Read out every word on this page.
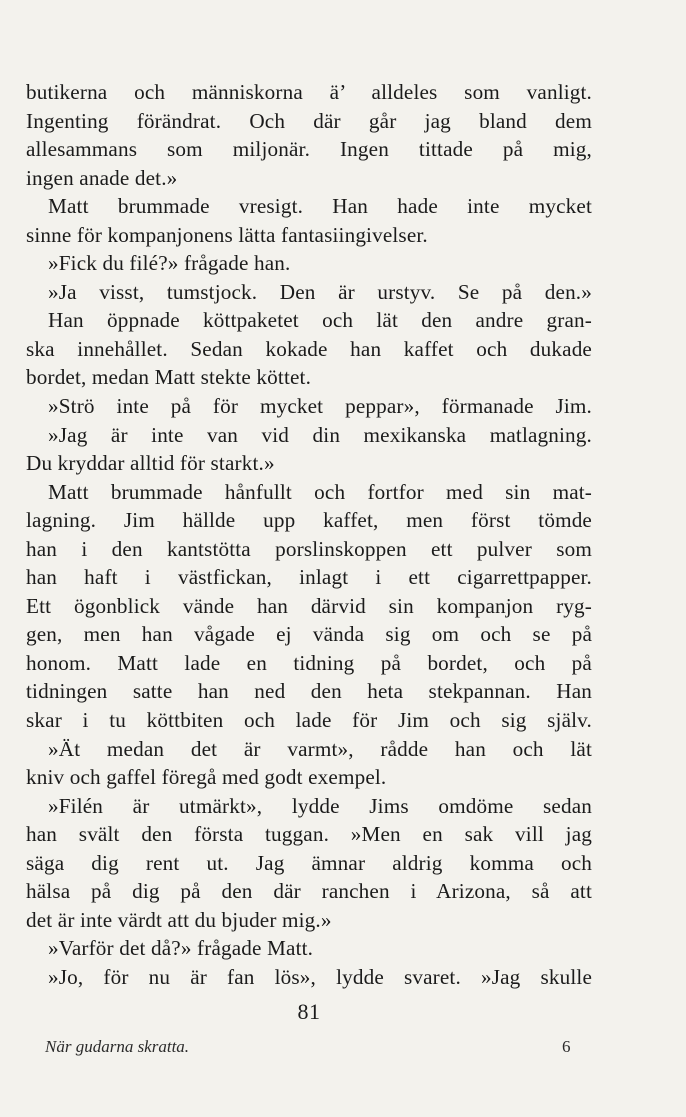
butikerna och människorna ä’ alldeles som vanligt.
Ingenting förändrat. Och där går jag bland dem
allesammans som miljonär. Ingen tittade på mig,
ingen anade det.»
Matt brummade vresigt. Han hade inte mycket
sinne för kompanjonens lätta fantasiingivelser.
»Fick du filé?» frågade han.
»Ja visst, tumstjock. Den är urstyv. Se på den.»
Han öppnade köttpaketet och lät den andre gran-
ska innehållet. Sedan kokade han kaffet och dukade
bordet, medan Matt stekte köttet.
»Strö inte på för mycket peppar», förmanade Jim.
»Jag är inte van vid din mexikanska matlagning.
Du kryddar alltid för starkt.»
Matt brummade hånfullt och fortfor med sin mat-
lagning. Jim hällde upp kaffet, men först tömde
han i den kantstötta porslinskoppen ett pulver som
han haft i västfickan, inlagt i ett cigarrettpapper.
Ett ögonblick vände han därvid sin kompanjon ryg-
gen, men han vågade ej vända sig om och se på
honom. Matt lade en tidning på bordet, och på
tidningen satte han ned den heta stekpannan. Han
skar i tu köttbiten och lade för Jim och sig själv.
»Ät medan det är varmt», rådde han och lät
kniv och gaffel föregå med godt exempel.
»Filén är utmärkt», lydde Jims omdöme sedan
han svält den första tuggan. »Men en sak vill jag
säga dig rent ut. Jag ämnar aldrig komma och
hälsa på dig på den där ranchen i Arizona, så att
det är inte värdt att du bjuder mig.»
»Varför det då?» frågade Matt.
»Jo, för nu är fan lös», lydde svaret. »Jag skulle
81
När gudarna skratta.	6
